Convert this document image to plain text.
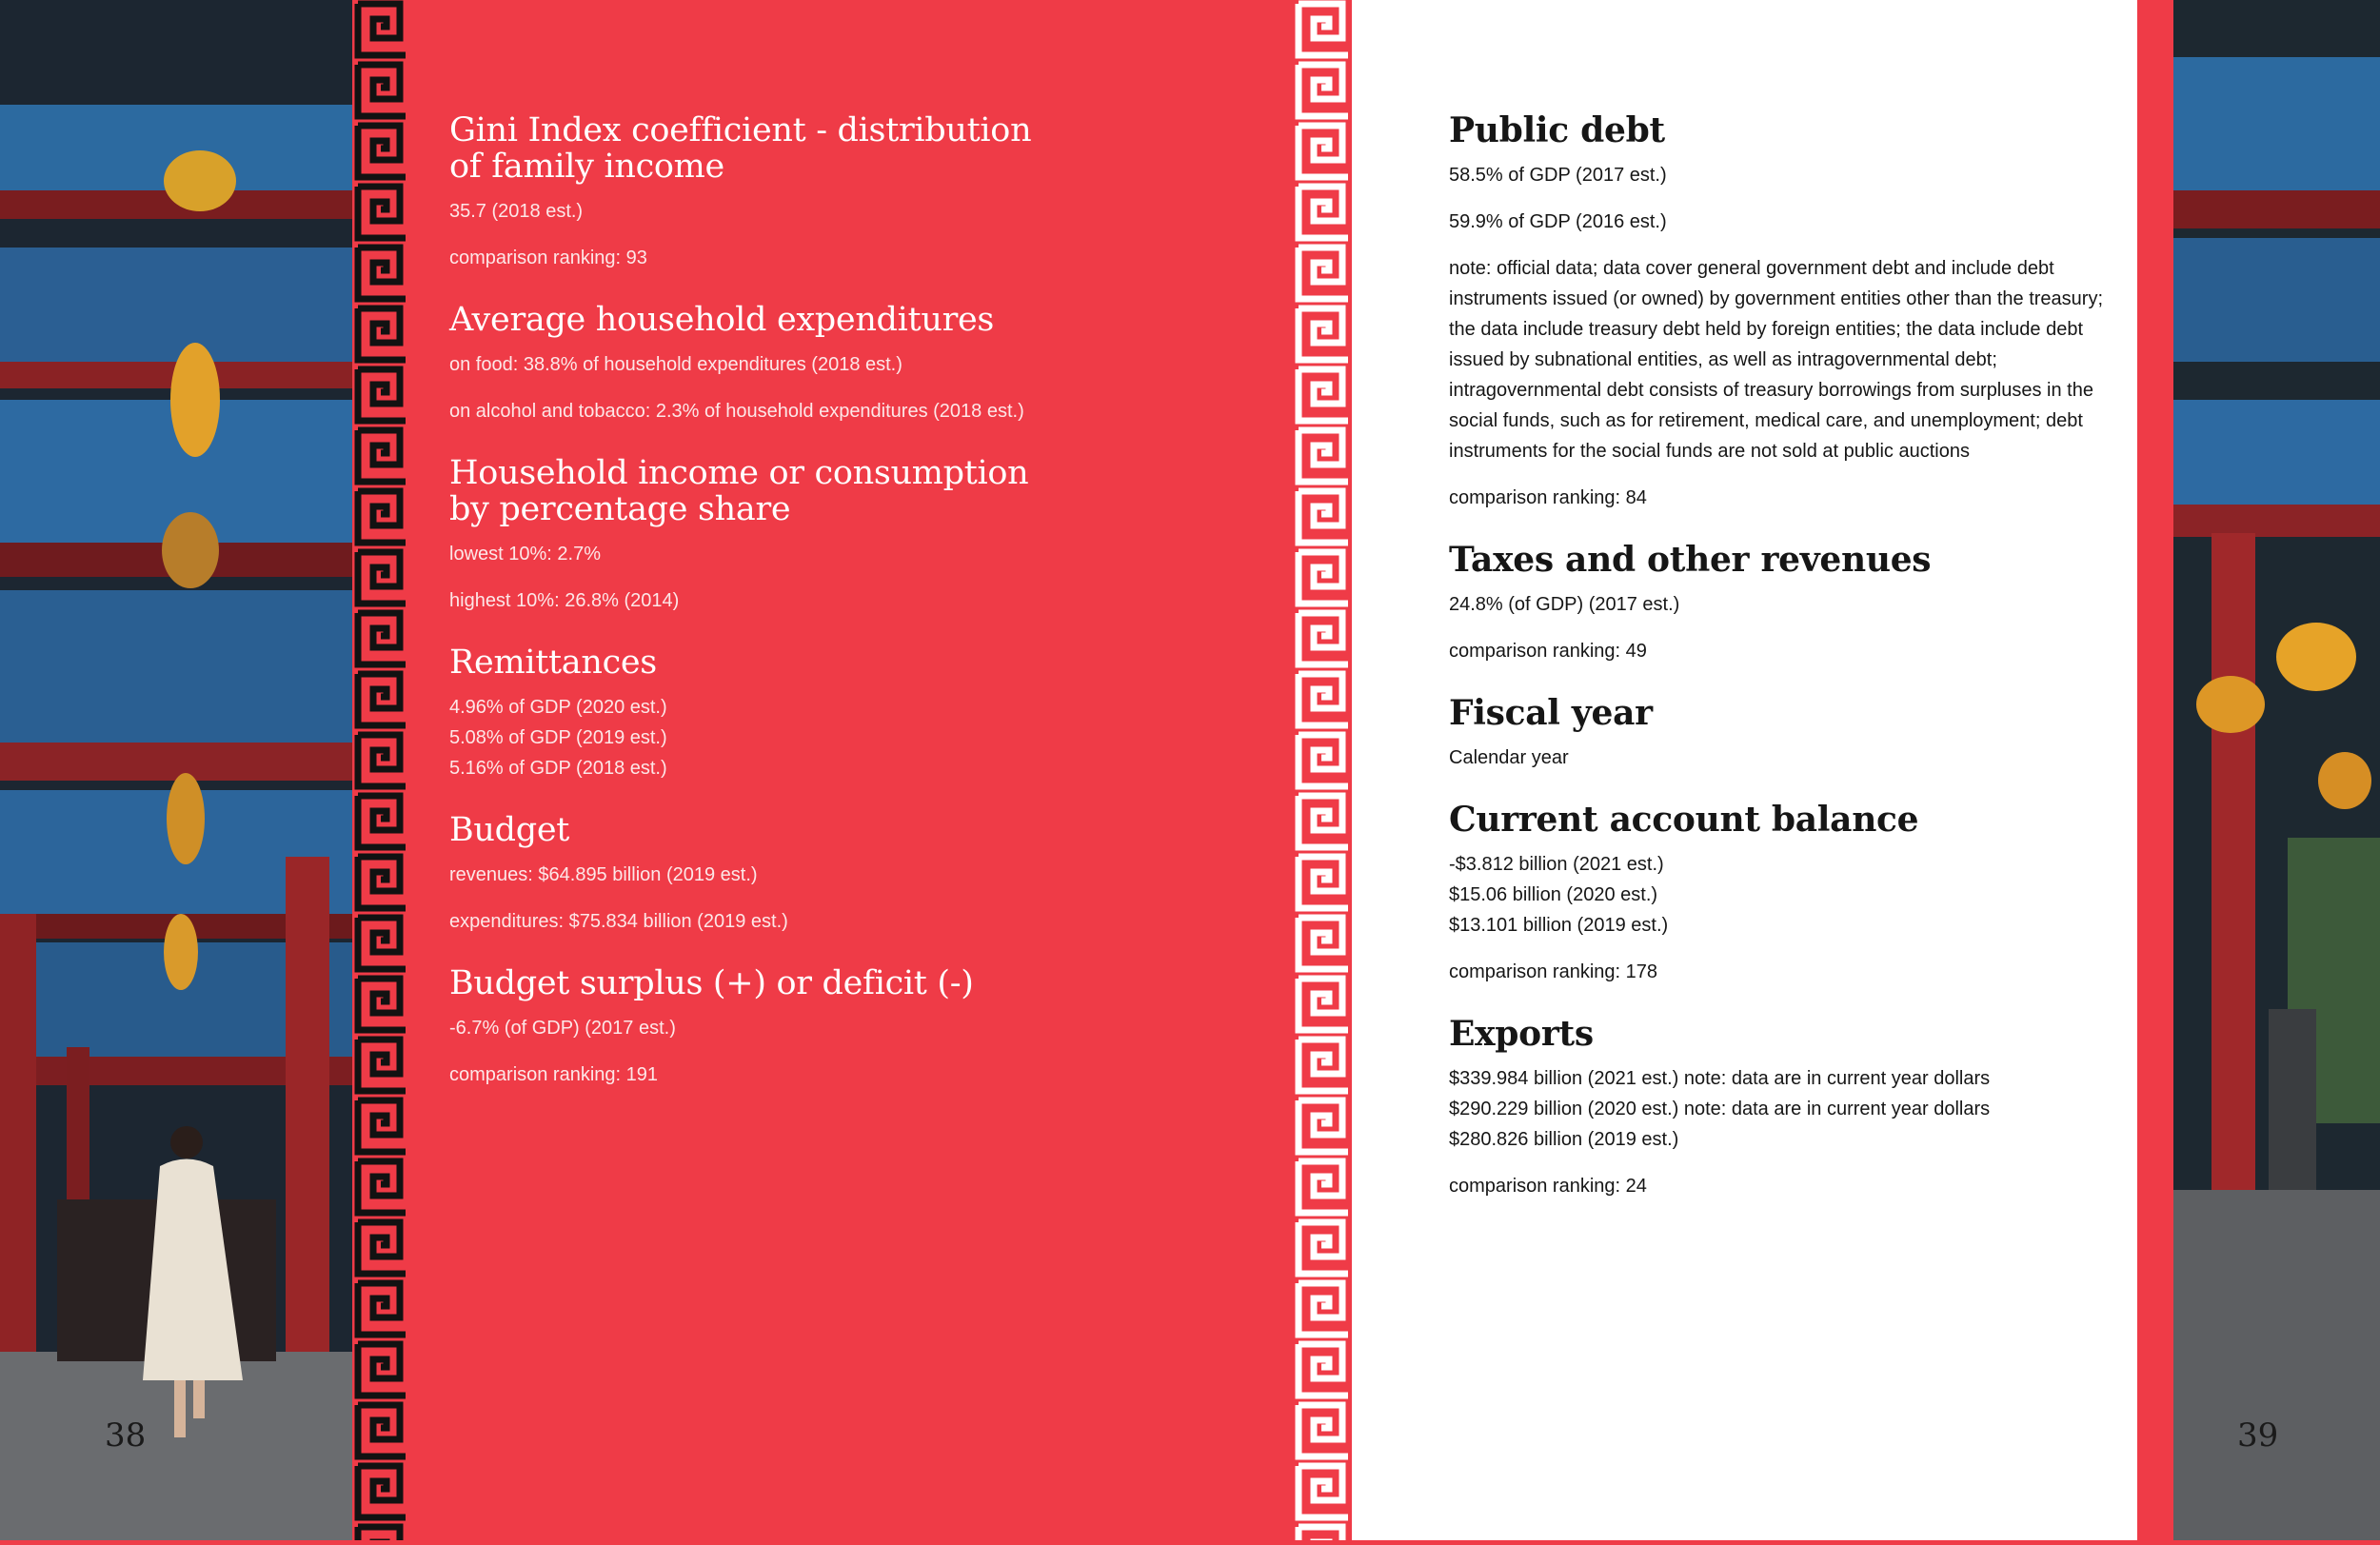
Gini Index coefficient - distribution of family income

35.7 (2018 est.)

comparison ranking: 93

Average household expenditures

on food: 38.8% of household expenditures (2018 est.)

on alcohol and tobacco: 2.3% of household expenditures (2018 est.)

Household income or consumption by percentage share

lowest 10%: 2.7%

highest 10%: 26.8% (2014)

Remittances

4.96% of GDP (2020 est.)

5.08% of GDP (2019 est.)

5.16% of GDP (2018 est.)

Budget

revenues: $64.895 billion (2019 est.)

expenditures: $75.834 billion (2019 est.)

Budget surplus (+) or deficit (-)

-6.7% (of GDP) (2017 est.)

comparison ranking: 191

Public debt

58.5% of GDP (2017 est.)

59.9% of GDP (2016 est.)

note: official data; data cover general government debt and include debt instruments issued (or owned) by government entities other than the treasury; the data include treasury debt held by foreign entities; the data include debt issued by subnational entities, as well as intragovernmental debt; intragovernmental debt consists of treasury borrowings from surpluses in the social funds, such as for retirement, medical care, and unemployment; debt instruments for the social funds are not sold at public auctions

comparison ranking: 84

Taxes and other revenues

24.8% (of GDP) (2017 est.)

comparison ranking: 49

Fiscal year

Calendar year

Current account balance

-$3.812 billion (2021 est.)

$15.06 billion (2020 est.)

$13.101 billion (2019 est.)

comparison ranking: 178

Exports

$339.984 billion (2021 est.) note: data are in current year dollars

$290.229 billion (2020 est.) note: data are in current year dollars

$280.826 billion (2019 est.)

comparison ranking: 24

38	39
